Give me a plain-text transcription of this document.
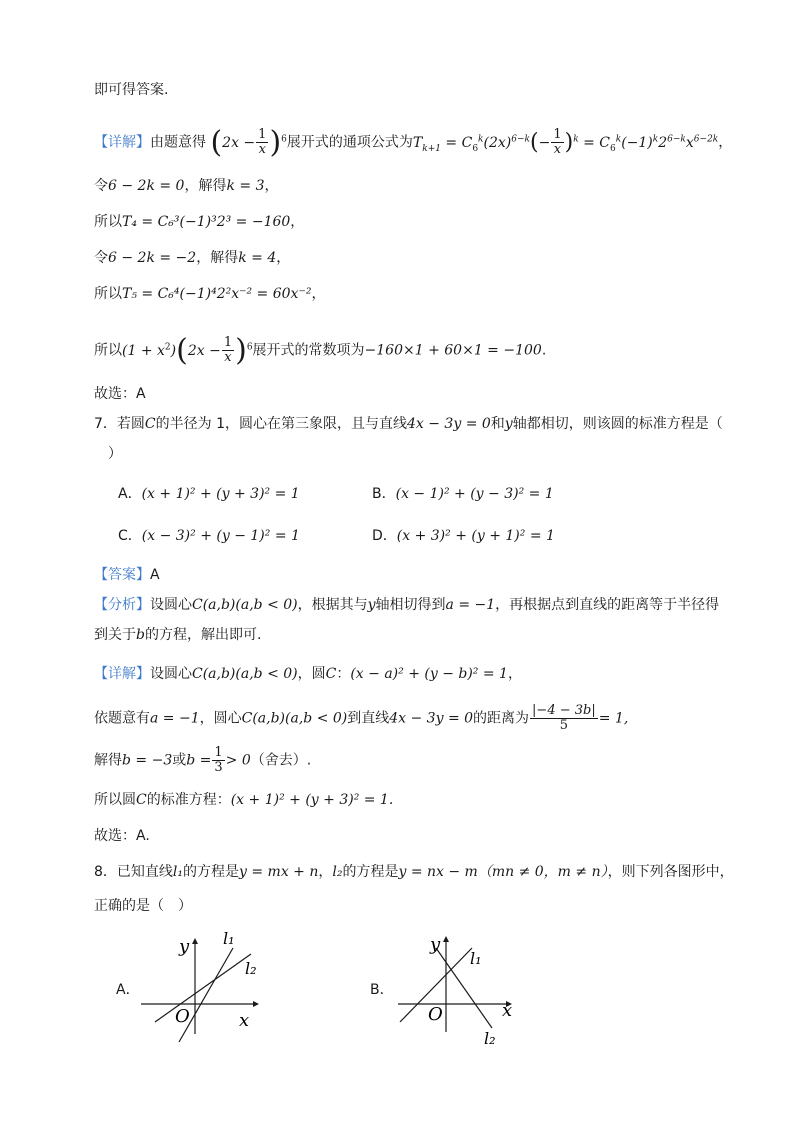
即可得答案.
【详解】由题意得 $(2x - \frac{1}{x} )^6$展开式的通项公式为$T_{k+1} = C_6^k(2x)^{6-k}(- \frac{1}{x} )^k = C_6^k(-1)^k2^{6-k}x^{6-2k}$，
令6 − 2k = 0，解得k = 3，
所以T₄ = C₆³(−1)³2³ = −160，
令6 − 2k = −2，解得k = 4，
所以T₅ = C₆⁴(−1)⁴2²x⁻² = 60x⁻²，
所以$(1 + x^2)(2x - \frac{1}{x} )^6$展开式的常数项为−160×1 + 60×1 = −100.
故选：A
7．若圆C的半径为 1，圆心在第三象限，且与直线4x − 3y = 0和y轴都相切，则该圆的标准方程是（
）
A．(x + 1)² + (y + 3)² = 1	B．(x − 1)² + (y − 3)² = 1
C．(x − 3)² + (y − 1)² = 1	D．(x + 3)² + (y + 1)² = 1
【答案】A
【分析】设圆心C(a,b)(a,b < 0)，根据其与y轴相切得到a = −1，再根据点到直线的距离等于半径得
到关于b的方程，解出即可.
【详解】设圆心C(a,b)(a,b < 0)，圆C：(x − a)² + (y − b)² = 1，
依题意有a = −1，圆心C(a,b)(a,b < 0)到直线4x − 3y = 0的距离为 $\frac{|-4 - 3b|}{5} = 1$,
解得b = −3或$b = \frac{1}{3} > 0$（舍去）.
所以圆C的标准方程：(x + 1)² + (y + 3)² = 1.
故选：A.
8．已知直线l₁的方程是y = mx + n，l₂的方程是y = nx − m（mn ≠ 0，m ≠ n），则下列各图形中，
正确的是（　）
A．
y
x
O
l₁
l₂
B．
y
x
O
l₁
l₂
